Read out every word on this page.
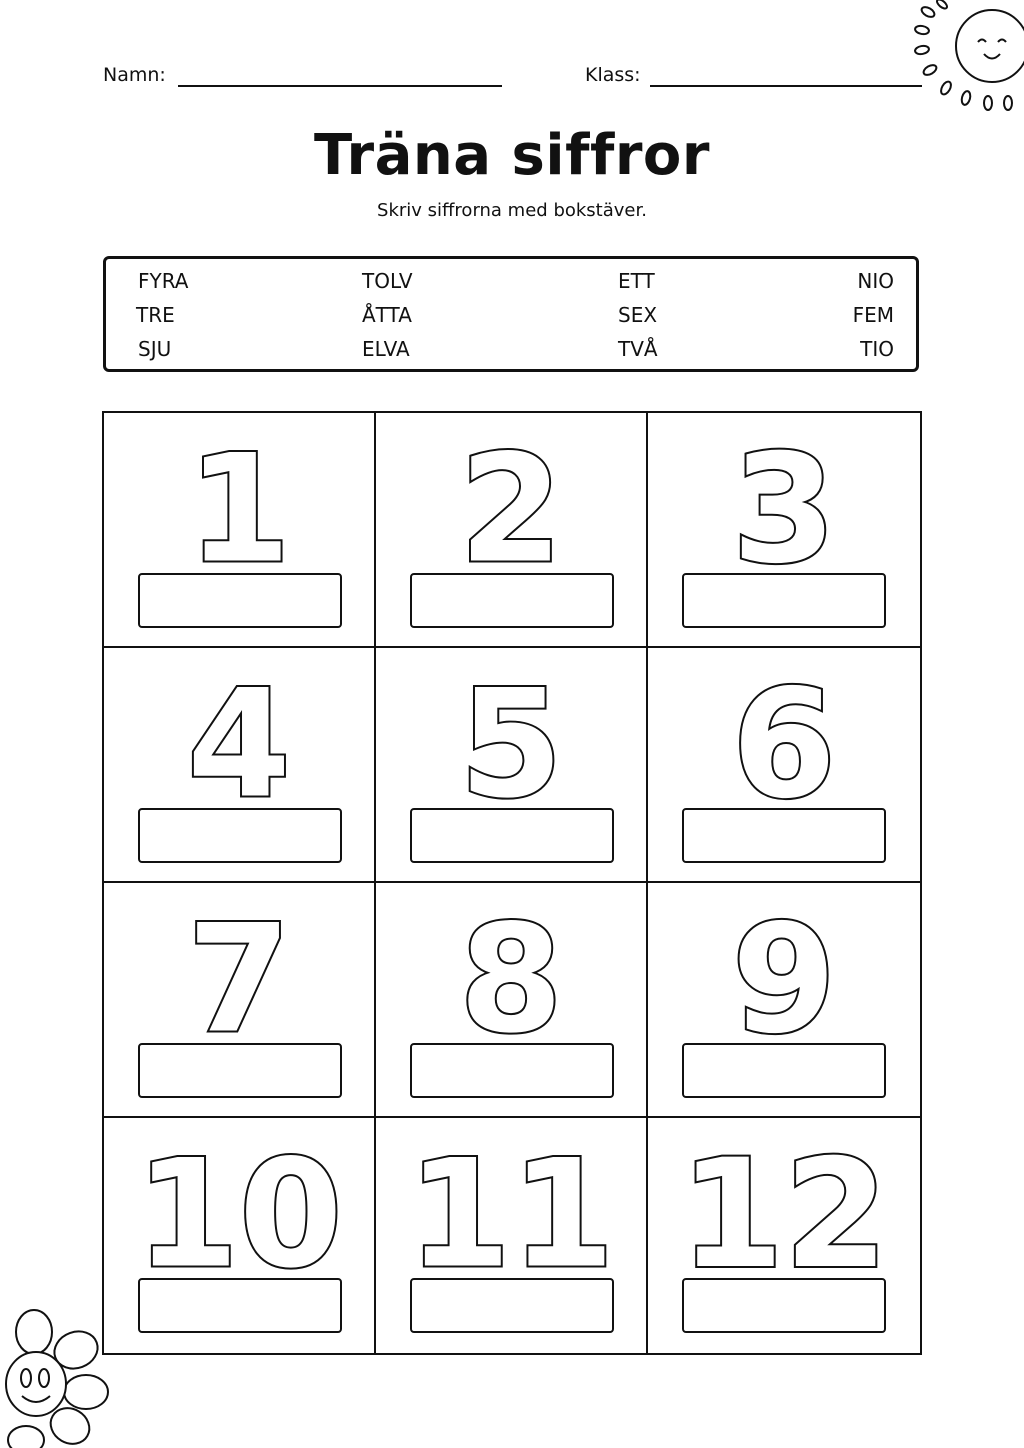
Namn:	Klass:
Träna siffror
Skriv siffrorna med bokstäver.
FYRA	TOLV	ETT	NIO
TRE	ÅTTA	SEX	FEM
SJU	ELVA	TVÅ	TIO
1 2 3
4 5 6
7 8 9
10 11 12
